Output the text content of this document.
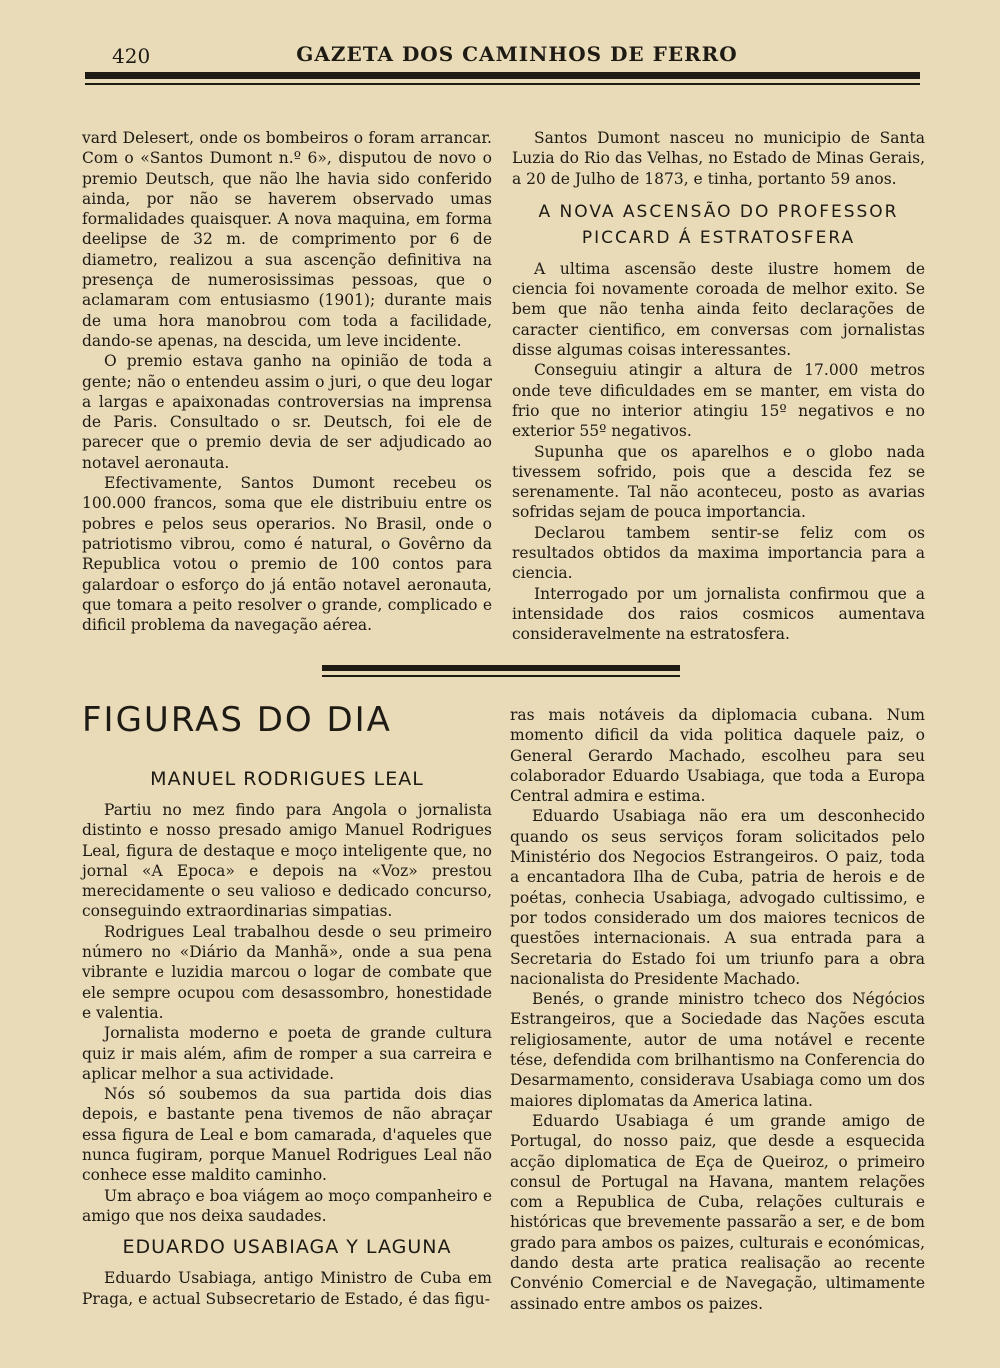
420	GAZETA DOS CAMINHOS DE FERRO

vard Delesert, onde os bombeiros o foram arrancar. Com o «Santos Dumont n.º 6», disputou de novo o premio Deutsch, que não lhe havia sido conferido ainda, por não se haverem observado umas formalidades quaisquer. A nova maquina, em forma deelipse de 32 m. de comprimento por 6 de diametro, realizou a sua ascenção definitiva na presença de numerosissimas pessoas, que o aclamaram com entusiasmo (1901); durante mais de uma hora manobrou com toda a facilidade, dando-se apenas, na descida, um leve incidente.

O premio estava ganho na opinião de toda a gente; não o entendeu assim o juri, o que deu logar a largas e apaixonadas controversias na imprensa de Paris. Consultado o sr. Deutsch, foi ele de parecer que o premio devia de ser adjudicado ao notavel aeronauta.

Efectivamente, Santos Dumont recebeu os 100.000 francos, soma que ele distribuiu entre os pobres e pelos seus operarios. No Brasil, onde o patriotismo vibrou, como é natural, o Govêrno da Republica votou o premio de 100 contos para galardoar o esforço do já então notavel aeronauta, que tomara a peito resolver o grande, complicado e dificil problema da navegação aérea.

Santos Dumont nasceu no municipio de Santa Luzia do Rio das Velhas, no Estado de Minas Gerais, a 20 de Julho de 1873, e tinha, portanto 59 anos.

A NOVA ASCENSÃO DO PROFESSOR
PICCARD Á ESTRATOSFERA

A ultima ascensão deste ilustre homem de ciencia foi novamente coroada de melhor exito. Se bem que não tenha ainda feito declarações de caracter cientifico, em conversas com jornalistas disse algumas coisas interessantes.

Conseguiu atingir a altura de 17.000 metros onde teve dificuldades em se manter, em vista do frio que no interior atingiu 15º negativos e no exterior 55º negativos.

Supunha que os aparelhos e o globo nada tivessem sofrido, pois que a descida fez se serenamente. Tal não aconteceu, posto as avarias sofridas sejam de pouca importancia.

Declarou tambem sentir-se feliz com os resultados obtidos da maxima importancia para a ciencia.

Interrogado por um jornalista confirmou que a intensidade dos raios cosmicos aumentava consideravelmente na estratosfera.

FIGURAS DO DIA
MANUEL RODRIGUES LEAL

Partiu no mez findo para Angola o jornalista distinto e nosso presado amigo Manuel Rodrigues Leal, figura de destaque e moço inteligente que, no jornal «A Epoca» e depois na «Voz» prestou merecidamente o seu valioso e dedicado concurso, conseguindo extraordinarias simpatias.

Rodrigues Leal trabalhou desde o seu primeiro número no «Diário da Manhã», onde a sua pena vibrante e luzidia marcou o logar de combate que ele sempre ocupou com desassombro, honestidade e valentia.

Jornalista moderno e poeta de grande cultura quiz ir mais além, afim de romper a sua carreira e aplicar melhor a sua actividade.

Nós só soubemos da sua partida dois dias depois, e bastante pena tivemos de não abraçar essa figura de Leal e bom camarada, d'aqueles que nunca fugiram, porque Manuel Rodrigues Leal não conhece esse maldito caminho.

Um abraço e boa viágem ao moço companheiro e amigo que nos deixa saudades.

EDUARDO USABIAGA Y LAGUNA

Eduardo Usabiaga, antigo Ministro de Cuba em Praga, e actual Subsecretario de Estado, é das figu-

ras mais notáveis da diplomacia cubana. Num momento dificil da vida politica daquele paiz, o General Gerardo Machado, escolheu para seu colaborador Eduardo Usabiaga, que toda a Europa Central admira e estima.

Eduardo Usabiaga não era um desconhecido quando os seus serviços foram solicitados pelo Ministério dos Negocios Estrangeiros. O paiz, toda a encantadora Ilha de Cuba, patria de herois e de poétas, conhecia Usabiaga, advogado cultissimo, e por todos considerado um dos maiores tecnicos de questões internacionais. A sua entrada para a Secretaria do Estado foi um triunfo para a obra nacionalista do Presidente Machado.

Benés, o grande ministro tcheco dos Négócios Estrangeiros, que a Sociedade das Nações escuta religiosamente, autor de uma notável e recente tése, defendida com brilhantismo na Conferencia do Desarmamento, considerava Usabiaga como um dos maiores diplomatas da America latina.

Eduardo Usabiaga é um grande amigo de Portugal, do nosso paiz, que desde a esquecida acção diplomatica de Eça de Queiroz, o primeiro consul de Portugal na Havana, mantem relações com a Republica de Cuba, relações culturais e históricas que brevemente passarão a ser, e de bom grado para ambos os paizes, culturais e económicas, dando desta arte pratica realisação ao recente Convénio Comercial e de Navegação, ultimamente assinado entre ambos os paizes.
